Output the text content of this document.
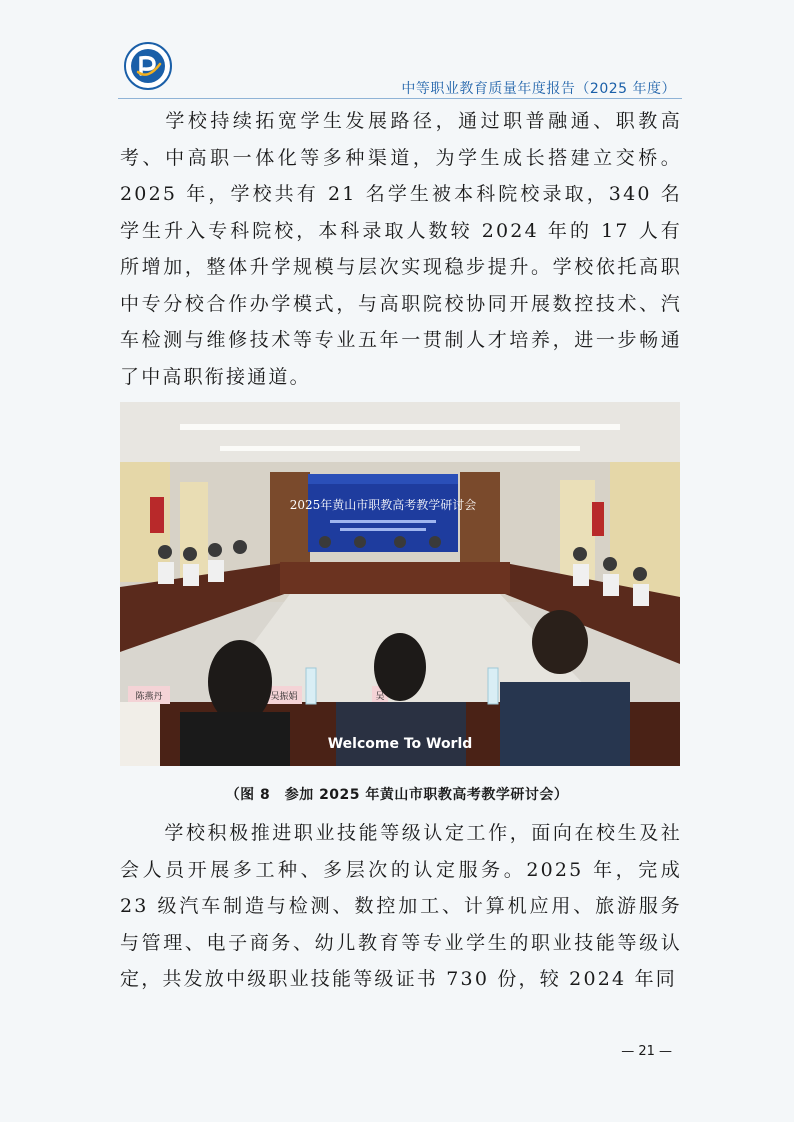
中等职业教育质量年度报告（2025 年度）

学校持续拓宽学生发展路径，通过职普融通、职教高考、中高职一体化等多种渠道，为学生成长搭建立交桥。2025 年，学校共有 21 名学生被本科院校录取，340 名学生升入专科院校，本科录取人数较 2024 年的 17 人有所增加，整体升学规模与层次实现稳步提升。学校依托高职中专分校合作办学模式，与高职院校协同开展数控技术、汽车检测与维修技术等专业五年一贯制人才培养，进一步畅通了中高职衔接通道。

2025年黄山市职教高考教学研讨会
陈燕丹	吴振娟	吴
Welcome To World
（图 8　参加 2025 年黄山市职教高考教学研讨会）

学校积极推进职业技能等级认定工作，面向在校生及社会人员开展多工种、多层次的认定服务。2025 年，完成 23 级汽车制造与检测、数控加工、计算机应用、旅游服务与管理、电子商务、幼儿教育等专业学生的职业技能等级认定，共发放中级职业技能等级证书 730 份，较 2024 年同

— 21 —
